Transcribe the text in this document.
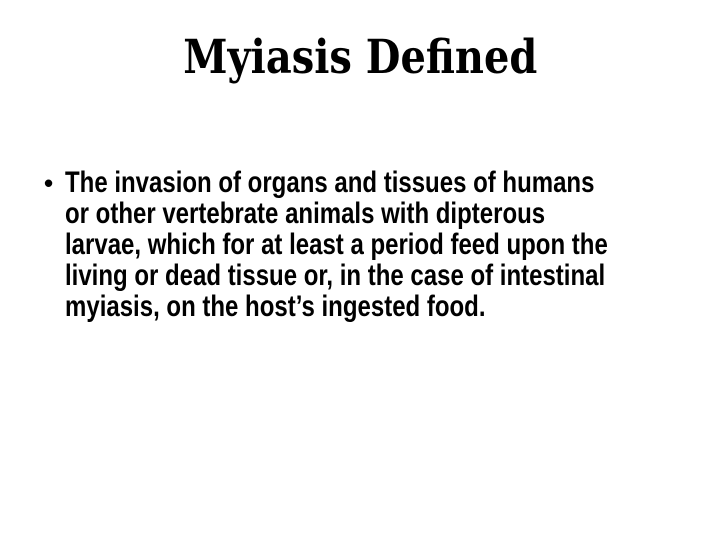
Myiasis Defined
• The invasion of organs and tissues of humans
or other vertebrate animals with dipterous
larvae, which for at least a period feed upon the
living or dead tissue or, in the case of intestinal
myiasis, on the host’s ingested food.
